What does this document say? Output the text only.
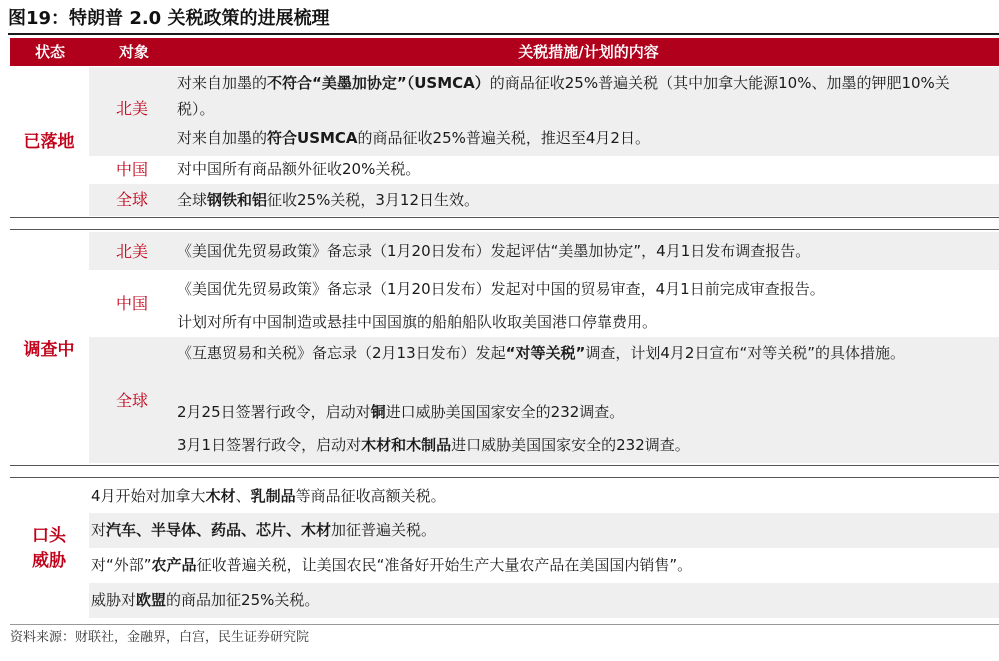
图19：特朗普 2.0 关税政策的进展梳理
状态	对象	关税措施/计划的内容
已落地
北美
中国
全球
对来自加墨的不符合“美墨加协定”（USMCA）的商品征收25%普遍关税（其中加拿大能源10%、加墨的钾肥10%关税）。
对来自加墨的符合USMCA的商品征收25%普遍关税，推迟至4月2日。
对中国所有商品额外征收20%关税。
全球钢铁和铝征收25%关税，3月12日生效。
调查中
北美
中国
全球
《美国优先贸易政策》备忘录（1月20日发布）发起评估“美墨加协定”，4月1日发布调查报告。
《美国优先贸易政策》备忘录（1月20日发布）发起对中国的贸易审查，4月1日前完成审查报告。
计划对所有中国制造或悬挂中国国旗的船舶船队收取美国港口停靠费用。
《互惠贸易和关税》备忘录（2月13日发布）发起“对等关税”调查，计划4月2日宣布“对等关税”的具体措施。
2月25日签署行政令，启动对铜进口威胁美国国家安全的232调查。
3月1日签署行政令，启动对木材和木制品进口威胁美国国家安全的232调查。
口头
威胁
4月开始对加拿大木材、乳制品等商品征收高额关税。
对汽车、半导体、药品、芯片、木材加征普遍关税。
对“外部”农产品征收普遍关税，让美国农民“准备好开始生产大量农产品在美国国内销售”。
威胁对欧盟的商品加征25%关税。
资料来源：财联社，金融界，白宫，民生证券研究院
